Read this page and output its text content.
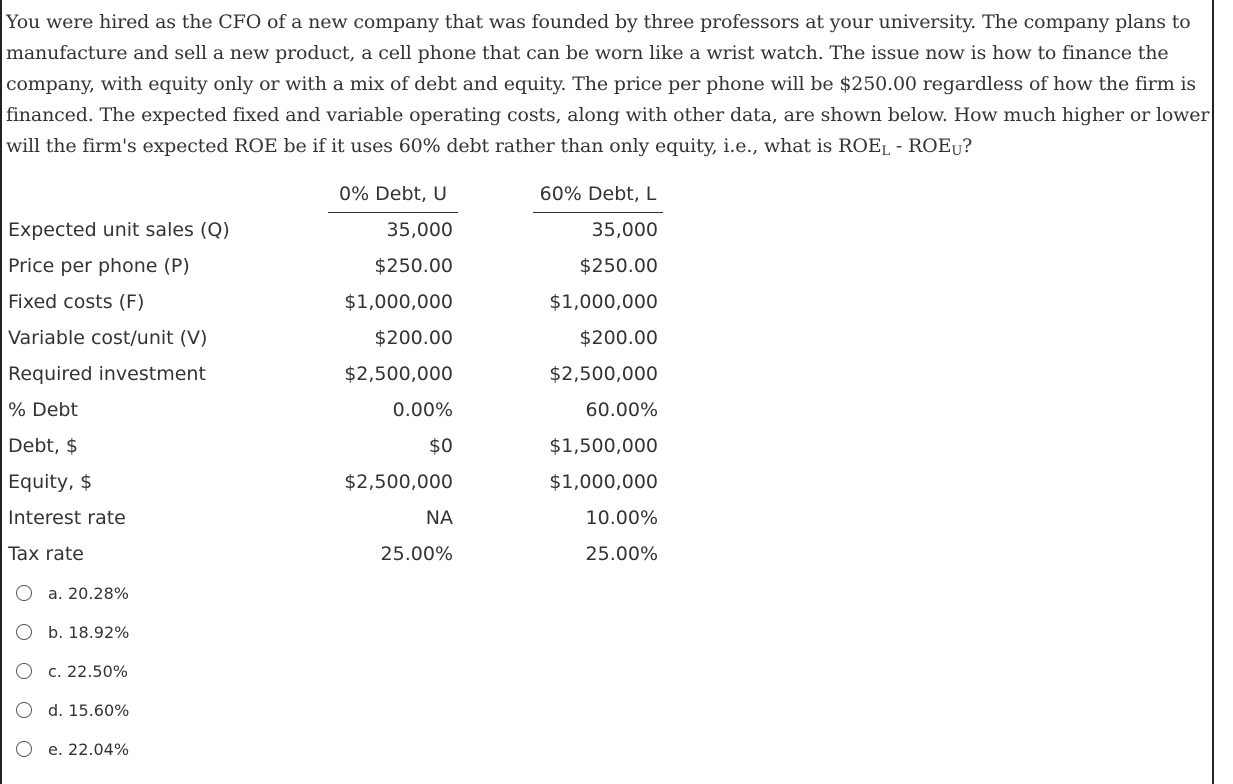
You were hired as the CFO of a new company that was founded by three professors at your university. The company plans to manufacture and sell a new product, a cell phone that can be worn like a wrist watch. The issue now is how to finance the company, with equity only or with a mix of debt and equity. The price per phone will be $250.00 regardless of how the firm is financed. The expected fixed and variable operating costs, along with other data, are shown below. How much higher or lower will the firm's expected ROE be if it uses 60% debt rather than only equity, i.e., what is ROEL - ROEU?

0% Debt, U	60% Debt, L
Expected unit sales (Q)	35,000	35,000
Price per phone (P)	$250.00	$250.00
Fixed costs (F)	$1,000,000	$1,000,000
Variable cost/unit (V)	$200.00	$200.00
Required investment	$2,500,000	$2,500,000
% Debt	0.00%	60.00%
Debt, $	$0	$1,500,000
Equity, $	$2,500,000	$1,000,000
Interest rate	NA	10.00%
Tax rate	25.00%	25.00%
a. 20.28%
b. 18.92%
c. 22.50%
d. 15.60%
e. 22.04%
